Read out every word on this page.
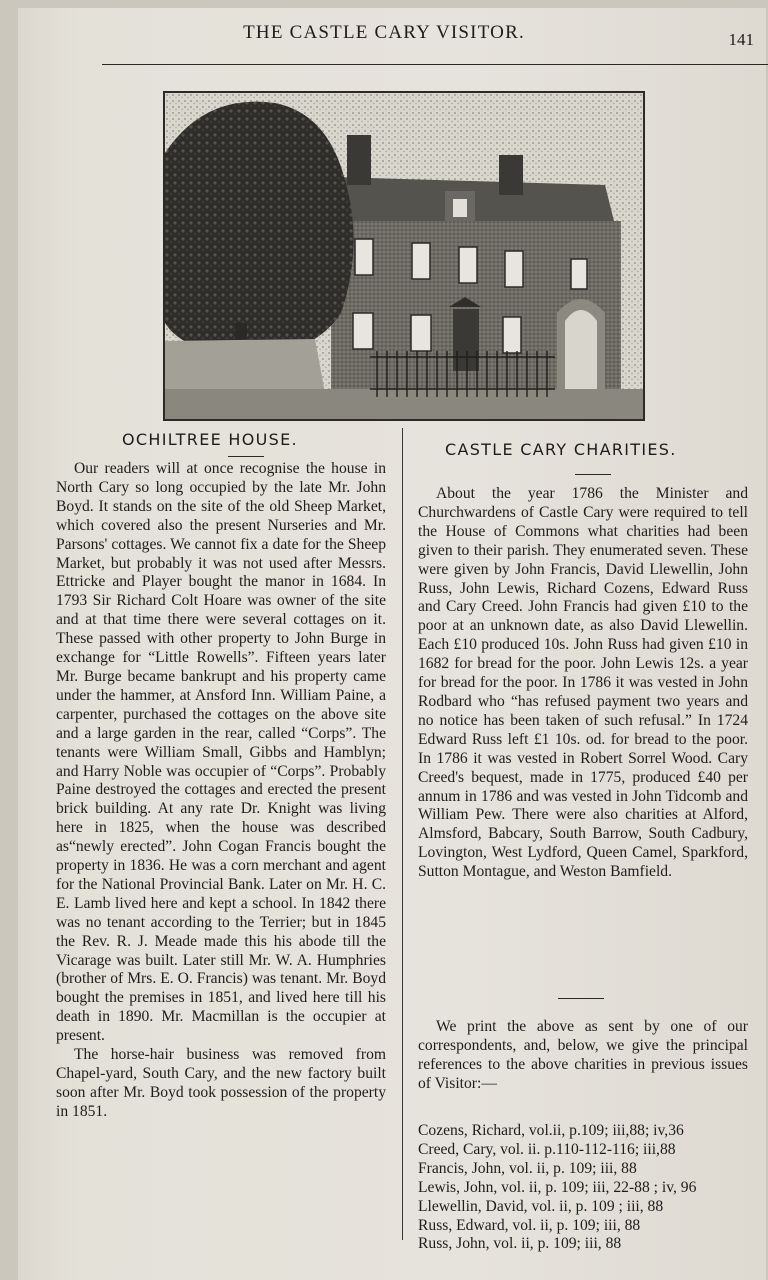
THE CASTLE CARY VISITOR.	141
OCHILTREE HOUSE.

Our readers will at once recognise the house in North Cary so long occupied by the late Mr. John Boyd. It stands on the site of the old Sheep Market, which covered also the present Nurseries and Mr. Parsons' cottages. We cannot fix a date for the Sheep Market, but probably it was not used after Messrs. Ettricke and Player bought the manor in 1684. In 1793 Sir Richard Colt Hoare was owner of the site and at that time there were several cottages on it. These passed with other property to John Burge in exchange for “Little Rowells”. Fifteen years later Mr. Burge became bankrupt and his property came under the hammer, at Ansford Inn. William Paine, a carpenter, purchased the cottages on the above site and a large garden in the rear, called “Corps”. The tenants were William Small, Gibbs and Hamblyn; and Harry Noble was occupier of “Corps”. Probably Paine destroyed the cottages and erected the present brick building. At any rate Dr. Knight was living here in 1825, when the house was described as“newly erected”. John Cogan Francis bought the property in 1836. He was a corn merchant and agent for the National Provincial Bank. Later on Mr. H. C. E. Lamb lived here and kept a school. In 1842 there was no tenant according to the Terrier; but in 1845 the Rev. R. J. Meade made this his abode till the Vicarage was built. Later still Mr. W. A. Humphries (brother of Mrs. E. O. Francis) was tenant. Mr. Boyd bought the premises in 1851, and lived here till his death in 1890. Mr. Macmillan is the occupier at present.

The horse-hair business was removed from Chapel-yard, South Cary, and the new factory built soon after Mr. Boyd took possession of the property in 1851.

CASTLE CARY CHARITIES.

About the year 1786 the Minister and Churchwardens of Castle Cary were required to tell the House of Commons what charities had been given to their parish. They enumerated seven. These were given by John Francis, David Llewellin, John Russ, John Lewis, Richard Cozens, Edward Russ and Cary Creed. John Francis had given £10 to the poor at an unknown date, as also David Llewellin. Each £10 produced 10s. John Russ had given £10 in 1682 for bread for the poor. John Lewis 12s. a year for bread for the poor. In 1786 it was vested in John Rodbard who “has refused payment two years and no notice has been taken of such refusal.” In 1724 Edward Russ left £1 10s. od. for bread to the poor. In 1786 it was vested in Robert Sorrel Wood. Cary Creed's bequest, made in 1775, produced £40 per annum in 1786 and was vested in John Tidcomb and William Pew. There were also charities at Alford, Almsford, Babcary, South Barrow, South Cadbury, Lovington, West Lydford, Queen Camel, Sparkford, Sutton Montague, and Weston Bamfield.

We print the above as sent by one of our correspondents, and, below, we give the principal references to the above charities in previous issues of Visitor:—

Cozens, Richard, vol.ii, p.109; iii,88; iv,36
Creed, Cary, vol. ii. p.110-112-116; iii,88
Francis, John, vol. ii, p. 109; iii, 88
Lewis, John, vol. ii, p. 109; iii, 22-88 ; iv, 96
Llewellin, David, vol. ii, p. 109 ; iii, 88
Russ, Edward, vol. ii, p. 109; iii, 88
Russ, John, vol. ii, p. 109; iii, 88
